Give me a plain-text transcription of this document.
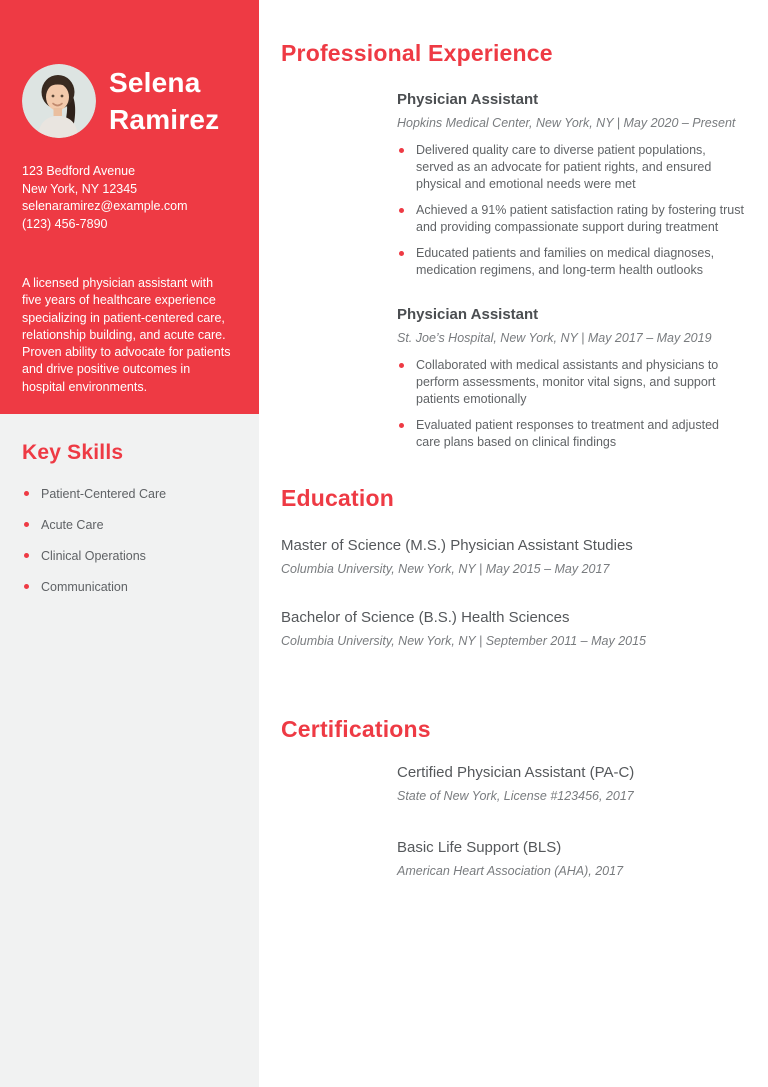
Selena
Ramirez
123 Bedford Avenue
New York, NY 12345
selenaramirez@example.com
(123) 456-7890

A licensed physician assistant with five years of healthcare experience specializing in patient-centered care, relationship building, and acute care. Proven ability to advocate for patients and drive positive outcomes in hospital environments.

Key Skills
Patient-Centered Care
Acute Care
Clinical Operations
Communication
Professional Experience
Physician Assistant

Hopkins Medical Center, New York, NY | May 2020 – Present

Delivered quality care to diverse patient populations, served as an advocate for patient rights, and ensured physical and emotional needs were met
Achieved a 91% patient satisfaction rating by fostering trust and providing compassionate support during treatment
Educated patients and families on medical diagnoses, medication regimens, and long-term health outlooks
Physician Assistant

St. Joe’s Hospital, New York, NY | May 2017 – May 2019

Collaborated with medical assistants and physicians to perform assessments, monitor vital signs, and support patients emotionally
Evaluated patient responses to treatment and adjusted care plans based on clinical findings
Education

Master of Science (M.S.) Physician Assistant Studies

Columbia University, New York, NY | May 2015 – May 2017

Bachelor of Science (B.S.) Health Sciences

Columbia University, New York, NY | September 2011 – May 2015

Certifications

Certified Physician Assistant (PA-C)

State of New York, License #123456, 2017

Basic Life Support (BLS)

American Heart Association (AHA), 2017
